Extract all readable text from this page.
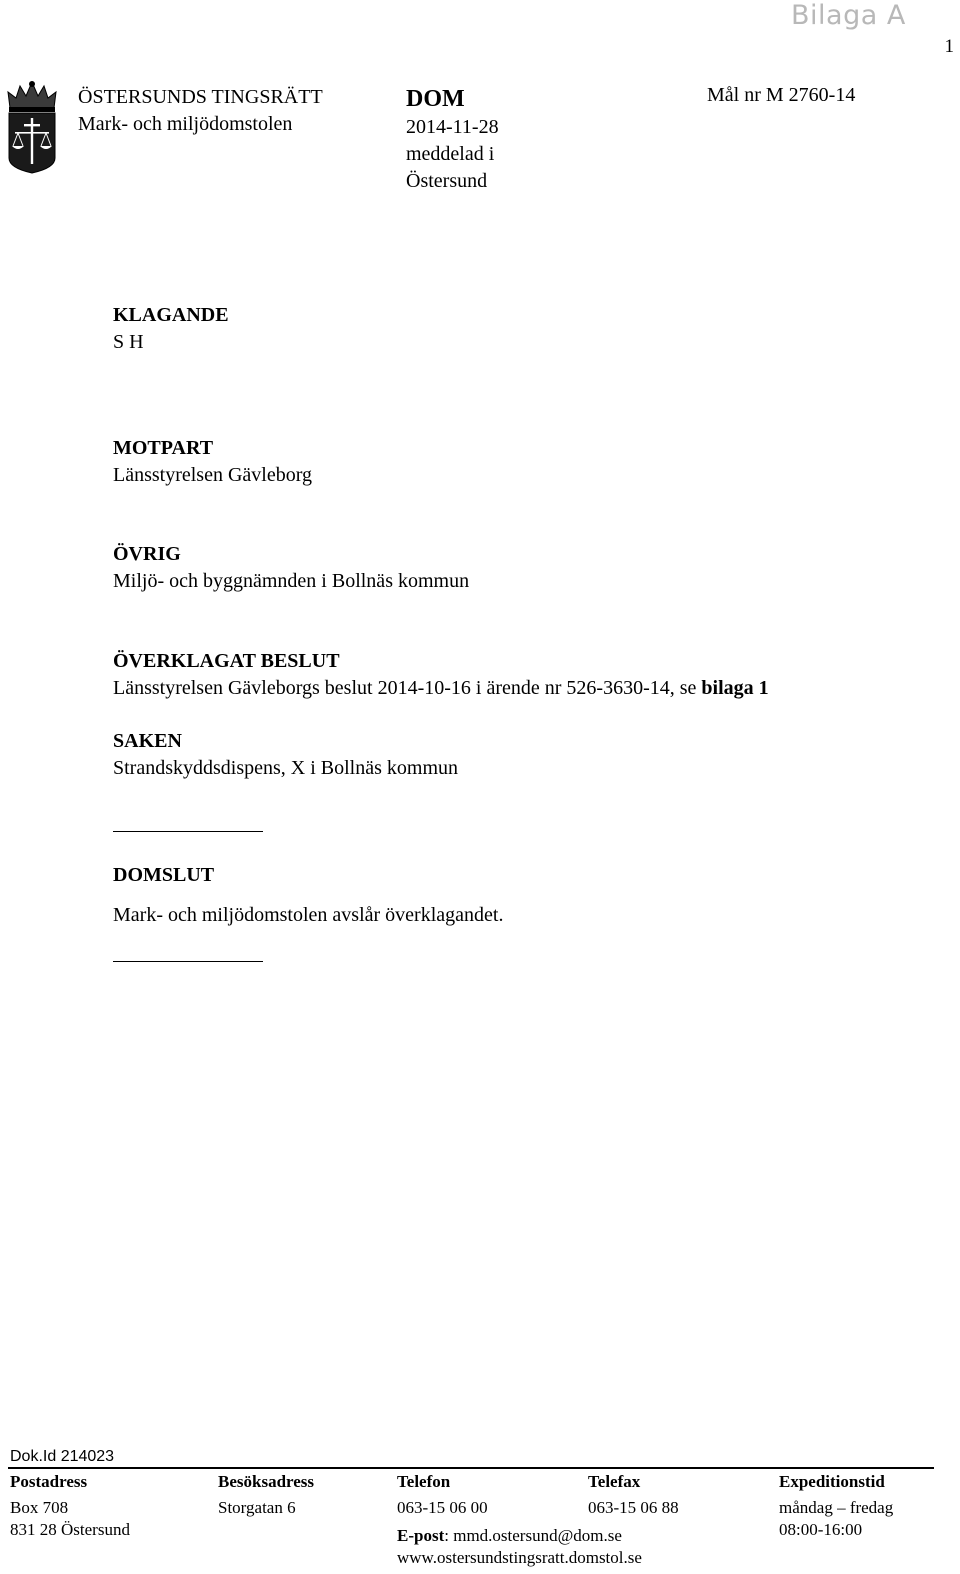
Bilaga A
1
ÖSTERSUNDS TINGSRÄTT
Mark- och miljödomstolen
DOM
2014-11-28
meddelad i
Östersund
Mål nr M 2760-14
KLAGANDE
S H
MOTPART
Länsstyrelsen Gävleborg
ÖVRIG
Miljö- och byggnämnden i Bollnäs kommun
ÖVERKLAGAT BESLUT
Länsstyrelsen Gävleborgs beslut 2014-10-16 i ärende nr 526-3630-14, se bilaga 1
SAKEN
Strandskyddsdispens, X i Bollnäs kommun
DOMSLUT
Mark- och miljödomstolen avslår överklagandet.
Dok.Id 214023
Postadress
Box 708
831 28 Östersund
Besöksadress
Storgatan 6
Telefon
063-15 06 00
E-post: mmd.ostersund@dom.se
www.ostersundstingsratt.domstol.se
Telefax
063-15 06 88
Expeditionstid
måndag – fredag
08:00-16:00
